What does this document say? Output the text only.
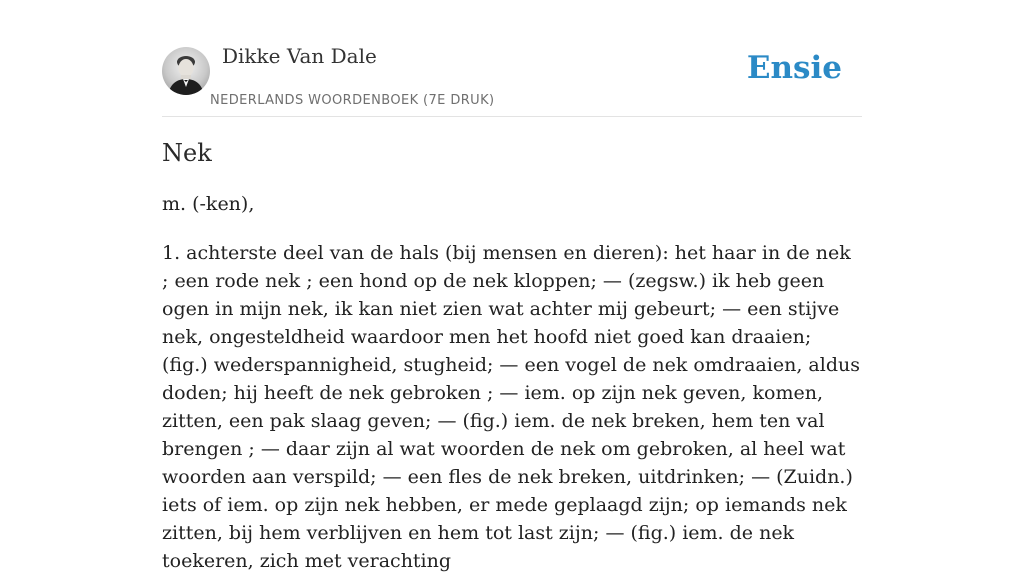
Dikke Van Dale
NEDERLANDS WOORDENBOEK (7E DRUK)
Ensie
Nek
m. (-ken),

1. achterste deel van de hals (bij mensen en dieren): het haar in de nek ; een rode nek ; een hond op de nek kloppen; — (zegsw.) ik heb geen ogen in mijn nek, ik kan niet zien wat achter mij gebeurt; — een stijve nek, ongesteldheid waardoor men het hoofd niet goed kan draaien; (fig.) wederspannigheid, stugheid; — een vogel de nek omdraaien, aldus doden; hij heeft de nek gebroken ; — iem. op zijn nek geven, komen, zitten, een pak slaag geven; — (fig.) iem. de nek breken, hem ten val brengen ; — daar zijn al wat woorden de nek om gebroken, al heel wat woorden aan verspild; — een fles de nek breken, uitdrinken; — (Zuidn.) iets of iem. op zijn nek hebben, er mede geplaagd zijn; op iemands nek zitten, bij hem verblijven en hem tot last zijn; — (fig.) iem. de nek toekeren, zich met verachting
